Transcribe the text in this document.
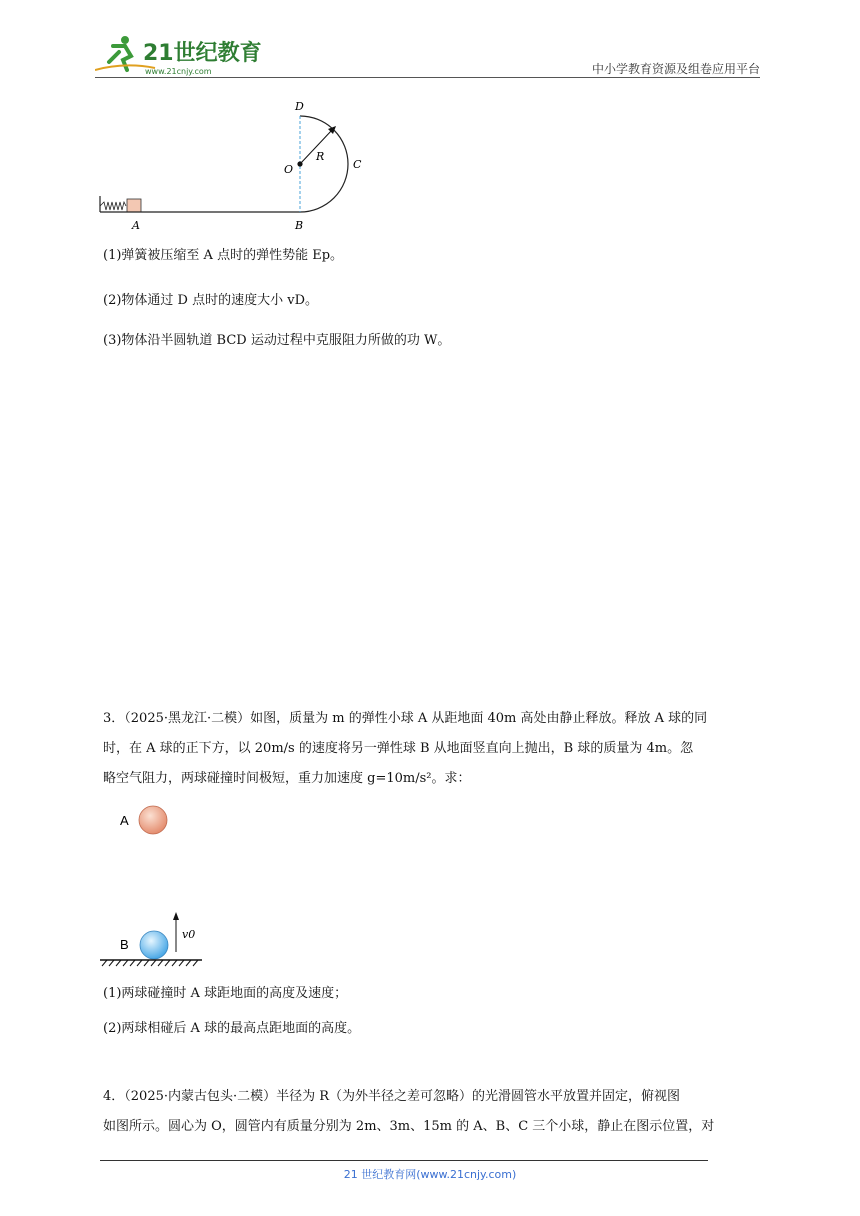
21世纪教育
www.21cnjy.com	中小学教育资源及组卷应用平台
D
O
R
C
A	B
(1)弹簧被压缩至 A 点时的弹性势能 Ep。
(2)物体通过 D 点时的速度大小 vD。
(3)物体沿半圆轨道 BCD 运动过程中克服阻力所做的功 W。
3．（2025·黑龙江·二模）如图，质量为 m 的弹性小球 A 从距地面 40m 高处由静止释放。释放 A 球的同
时，在 A 球的正下方，以 20m/s 的速度将另一弹性球 B 从地面竖直向上抛出，B 球的质量为 4m。忽
略空气阻力，两球碰撞时间极短，重力加速度 g=10m/s²。求：
A
B
v0
(1)两球碰撞时 A 球距地面的高度及速度；
(2)两球相碰后 A 球的最高点距地面的高度。
4．（2025·内蒙古包头·二模）半径为 R（为外半径之差可忽略）的光滑圆管水平放置并固定，俯视图
如图所示。圆心为 O，圆管内有质量分别为 2m、3m、15m 的 A、B、C 三个小球，静止在图示位置，对
21 世纪教育网(www.21cnjy.com)
